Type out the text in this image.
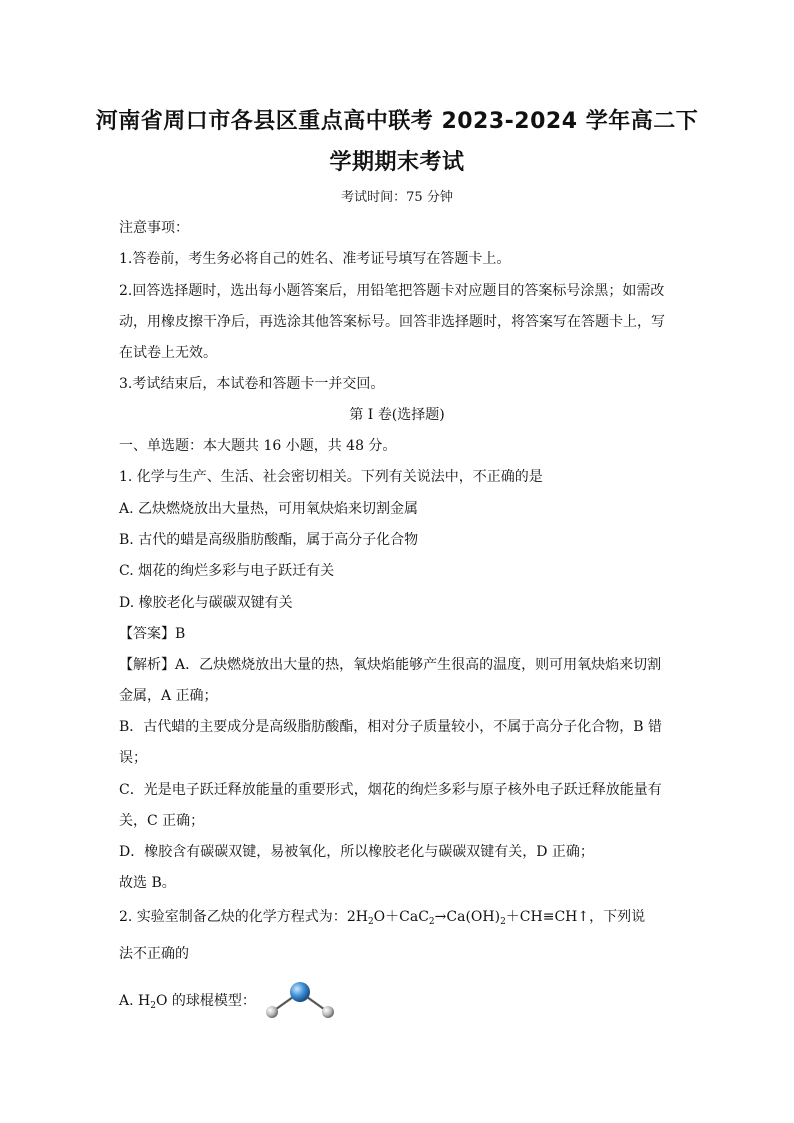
河南省周口市各县区重点高中联考 2023-2024 学年高二下
学期期末考试
考试时间：75 分钟
注意事项：
1.答卷前，考生务必将自己的姓名、准考证号填写在答题卡上。
2.回答选择题时，选出每小题答案后，用铅笔把答题卡对应题目的答案标号涂黑；如需改
动，用橡皮擦干净后，再选涂其他答案标号。回答非选择题时，将答案写在答题卡上，写
在试卷上无效。
3.考试结束后，本试卷和答题卡一并交回。
第 I 卷(选择题)
一、单选题：本大题共 16 小题，共 48 分。
1. 化学与生产、生活、社会密切相关。下列有关说法中，不正确的是
A. 乙炔燃烧放出大量热，可用氧炔焰来切割金属
B. 古代的蜡是高级脂肪酸酯，属于高分子化合物
C. 烟花的绚烂多彩与电子跃迁有关
D. 橡胶老化与碳碳双键有关
【答案】B
【解析】A．乙炔燃烧放出大量的热，氧炔焰能够产生很高的温度，则可用氧炔焰来切割
金属，A 正确；
B．古代蜡的主要成分是高级脂肪酸酯，相对分子质量较小，不属于高分子化合物，B 错
误；
C．光是电子跃迁释放能量的重要形式，烟花的绚烂多彩与原子核外电子跃迁释放能量有
关，C 正确；
D．橡胶含有碳碳双键，易被氧化，所以橡胶老化与碳碳双键有关，D 正确；
故选 B。
2. 实验室制备乙炔的化学方程式为：$2H_2O+CaC_2\to Ca(OH)_2+CH\equiv CH↑$，下列说
法不正确的
A. $H_2O$ 的球棍模型：
